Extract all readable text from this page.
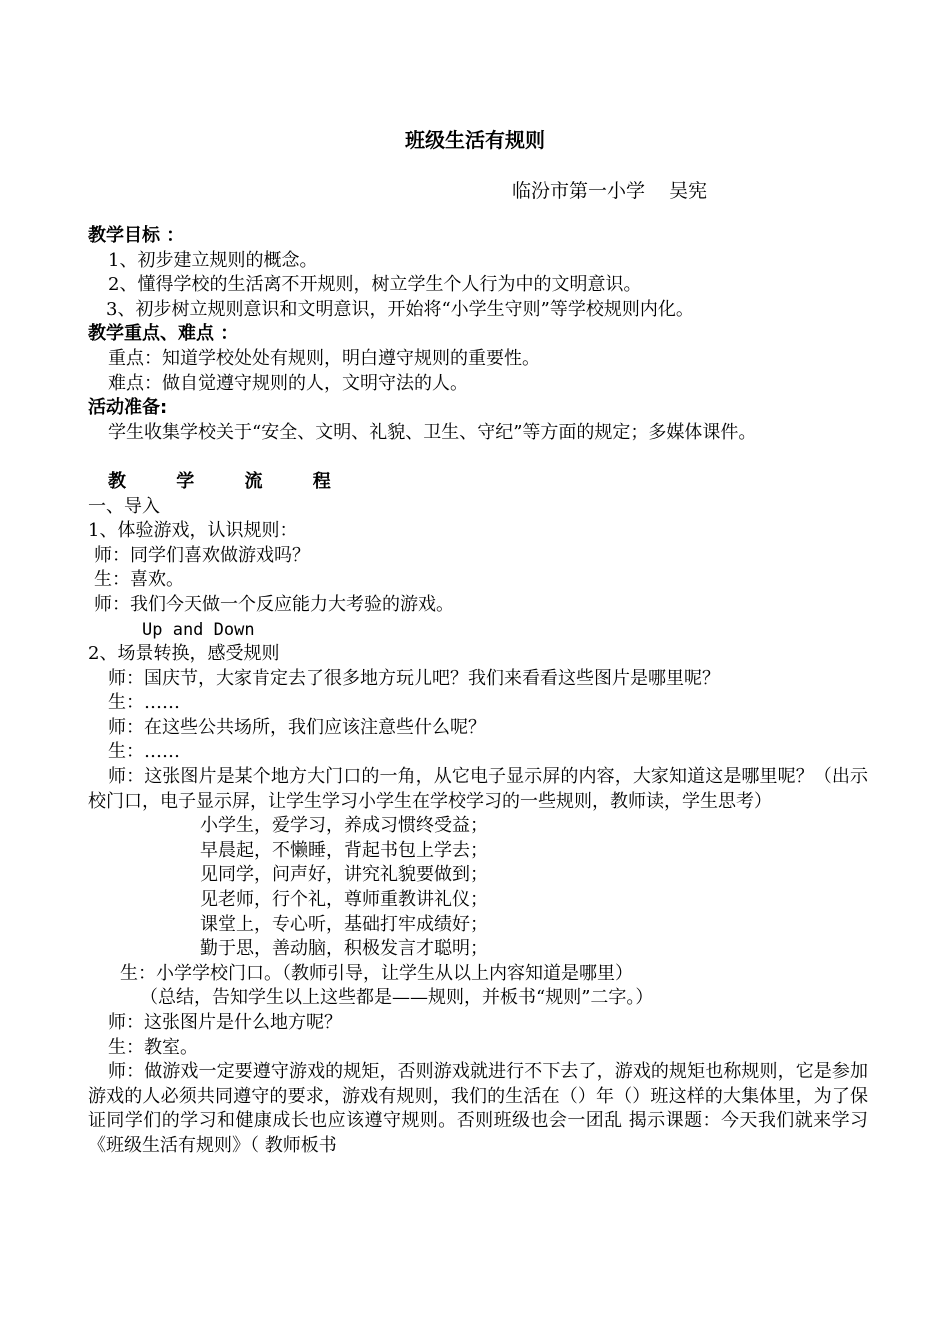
班级生活有规则
临汾市第一小学    吴宪
教学目标 ：
1、初步建立规则的概念。
2、懂得学校的生活离不开规则，树立学生个人行为中的文明意识。
3、初步树立规则意识和文明意识，开始将“小学生守则”等学校规则内化。
教学重点、难点 ：
重点：知道学校处处有规则，明白遵守规则的重要性。
难点：做自觉遵守规则的人，文明守法的人。
活动准备:
学生收集学校关于“安全、文明、礼貌、卫生、守纪”等方面的规定；多媒体课件。
教 学 流 程
一、导入
1、体验游戏，认识规则：
师：同学们喜欢做游戏吗？
生：喜欢。
师：我们今天做一个反应能力大考验的游戏。
Up and Down
2、场景转换，感受规则
师：国庆节，大家肯定去了很多地方玩儿吧？我们来看看这些图片是哪里呢？
生：……
师：在这些公共场所，我们应该注意些什么呢？
生：……
师：这张图片是某个地方大门口的一角，从它电子显示屏的内容，大家知道这是哪里呢？（出示校门口，电子显示屏，让学生学习小学生在学校学习的一些规则，教师读，学生思考）
小学生，爱学习，养成习惯终受益；
早晨起，不懒睡，背起书包上学去；
见同学，问声好，讲究礼貌要做到；
见老师，行个礼，尊师重教讲礼仪；
课堂上，专心听，基础打牢成绩好；
勤于思，善动脑，积极发言才聪明；
生：小学学校门口。（教师引导，让学生从以上内容知道是哪里）
（总结，告知学生以上这些都是——规则，并板书“规则”二字。）
师：这张图片是什么地方呢？
生：教室。
师：做游戏一定要遵守游戏的规矩，否则游戏就进行不下去了，游戏的规矩也称规则，它是参加游戏的人必须共同遵守的要求，游戏有规则，我们的生活在（）年（）班这样的大集体里，为了保证同学们的学习和健康成长也应该遵守规则。否则班级也会一团乱 揭示课题：今天我们就来学习《班级生活有规则》（ 教师板书
